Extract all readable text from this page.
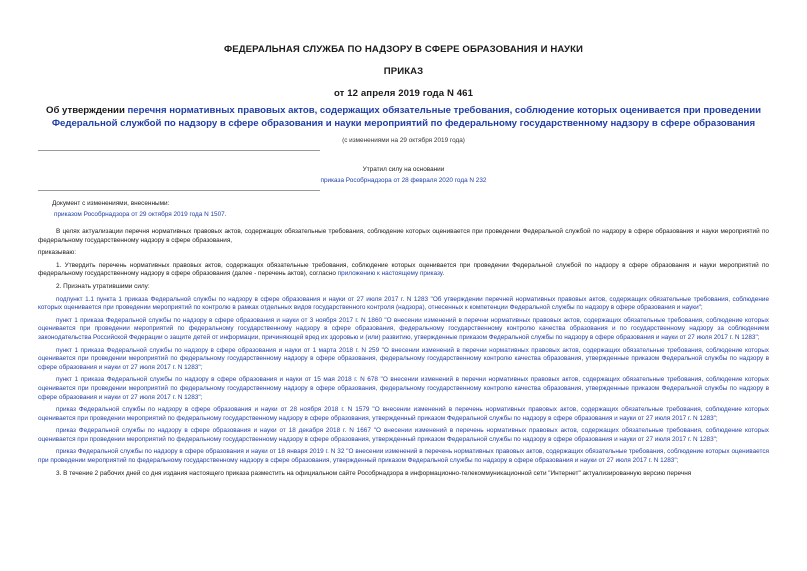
ФЕДЕРАЛЬНАЯ СЛУЖБА ПО НАДЗОРУ В СФЕРЕ ОБРАЗОВАНИЯ И НАУКИ
ПРИКАЗ
от 12 апреля 2019 года N 461
Об утверждении перечня нормативных правовых актов, содержащих обязательные требования, соблюдение которых оценивается при проведении Федеральной службой по надзору в сфере образования и науки мероприятий по федеральному государственному надзору в сфере образования
(с изменениями на 29 октября 2019 года)
Утратил силу на основании
приказа Рособрнадзора от 28 февраля 2020 года N 232
Документ с изменениями, внесенными:
приказом Рособрнадзора от 29 октября 2019 года N 1507.

В целях актуализации перечня нормативных правовых актов, содержащих обязательные требования, соблюдение которых оценивается при проведении Федеральной службой по надзору в сфере образования и науки мероприятий по федеральному государственному надзору в сфере образования,

приказываю:

1. Утвердить перечень нормативных правовых актов, содержащих обязательные требования, соблюдение которых оценивается при проведении Федеральной службой по надзору в сфере образования и науки мероприятий по федеральному государственному надзору в сфере образования (далее - перечень актов), согласно приложению к настоящему приказу.

2. Признать утратившими силу:

подпункт 1.1 пункта 1 приказа Федеральной службы по надзору в сфере образования и науки от 27 июля 2017 г. N 1283 "Об утверждении перечней нормативных правовых актов, содержащих обязательные требования, соблюдение которых оценивается при проведении мероприятий по контролю в рамках отдельных видов государственного контроля (надзора), отнесенных к компетенции Федеральной службы по надзору в сфере образования и науки";

пункт 1 приказа Федеральной службы по надзору в сфере образования и науки от 3 ноября 2017 г. N 1860 "О внесении изменений в перечни нормативных правовых актов, содержащих обязательные требования, соблюдение которых оценивается при проведении мероприятий по федеральному государственному надзору в сфере образования, федеральному государственному контролю качества образования и по государственному надзору за соблюдением законодательства Российской Федерации о защите детей от информации, причиняющей вред их здоровью и (или) развитию, утвержденные приказом Федеральной службы по надзору в сфере образования и науки от 27 июля 2017 г. N 1283";

пункт 1 приказа Федеральной службы по надзору в сфере образования и науки от 1 марта 2018 г. N 259 "О внесении изменений в перечни нормативных правовых актов, содержащих обязательные требования, соблюдение которых оценивается при проведении мероприятий по федеральному государственному надзору в сфере образования, федеральному государственному контролю качества образования, утвержденные приказом Федеральной службы по надзору в сфере образования и науки от 27 июля 2017 г. N 1283";

пункт 1 приказа Федеральной службы по надзору в сфере образования и науки от 15 мая 2018 г. N 678 "О внесении изменений в перечни нормативных правовых актов, содержащих обязательные требования, соблюдение которых оценивается при проведении мероприятий по федеральному государственному надзору в сфере образования, федеральному государственному контролю качества образования, утвержденные приказом Федеральной службы по надзору в сфере образования и науки от 27 июля 2017 г. N 1283";

приказ Федеральной службы по надзору в сфере образования и науки от 28 ноября 2018 г. N 1579 "О внесении изменений в перечень нормативных правовых актов, содержащих обязательные требования, соблюдение которых оценивается при проведении мероприятий по федеральному государственному надзору в сфере образования, утвержденный приказом Федеральной службы по надзору в сфере образования и науки от 27 июля 2017 г. N 1283";

приказ Федеральной службы по надзору в сфере образования и науки от 18 декабря 2018 г. N 1667 "О внесении изменений в перечень нормативных правовых актов, содержащих обязательные требования, соблюдение которых оценивается при проведении мероприятий по федеральному государственному надзору в сфере образования, утвержденный приказом Федеральной службы по надзору в сфере образования и науки от 27 июля 2017 г. N 1283";

приказ Федеральной службы по надзору в сфере образования и науки от 18 января 2019 г. N 32 "О внесении изменений в перечень нормативных правовых актов, содержащих обязательные требования, соблюдение которых оценивается при проведении мероприятий по федеральному государственному надзору в сфере образования, утвержденный приказом Федеральной службы по надзору в сфере образования и науки от 27 июля 2017 г. N 1283";

3. В течение 2 рабочих дней со дня издания настоящего приказа разместить на официальном сайте Рособрнадзора в информационно-телекоммуникационной сети "Интернет" актуализированную версию перечня
